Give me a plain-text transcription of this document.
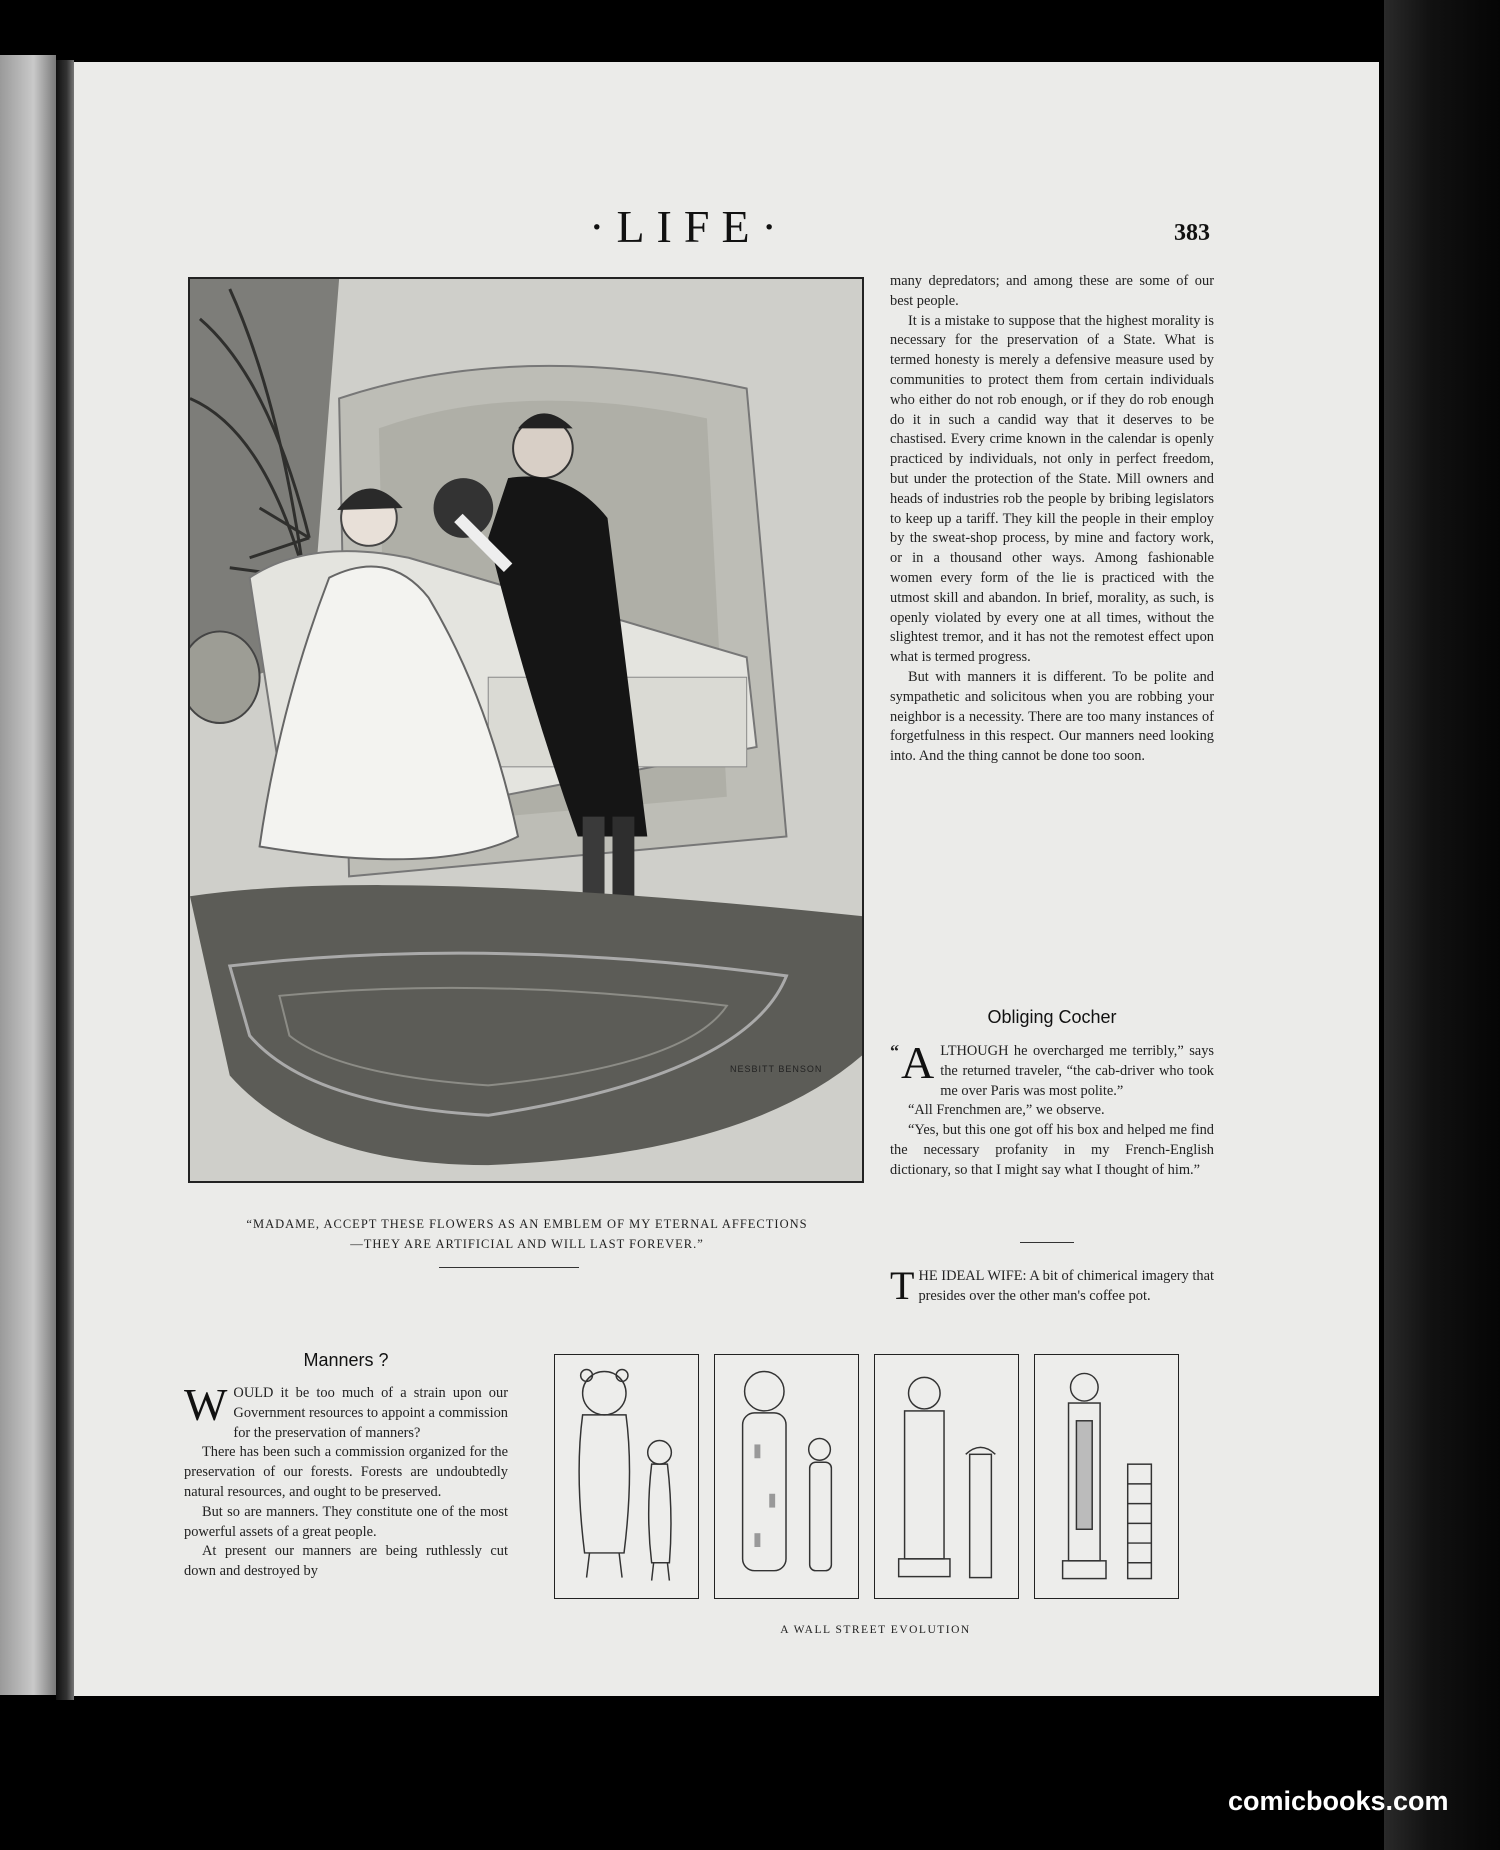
·LIFE·	383
NESBITT BENSON
“MADAME, ACCEPT THESE FLOWERS AS AN EMBLEM OF MY ETERNAL AFFECTIONS
—THEY ARE ARTIFICIAL AND WILL LAST FOREVER.”

many depredators; and among these are some of our best people.

It is a mistake to suppose that the highest morality is necessary for the preservation of a State. What is termed honesty is merely a defensive measure used by communities to protect them from certain individuals who either do not rob enough, or if they do rob enough do it in such a candid way that it deserves to be chastised. Every crime known in the calendar is openly practiced by individuals, not only in perfect freedom, but under the protection of the State. Mill owners and heads of industries rob the people by bribing legislators to keep up a tariff. They kill the people in their employ by the sweat-shop process, by mine and factory work, or in a thousand other ways. Among fashionable women every form of the lie is practiced with the utmost skill and abandon. In brief, morality, as such, is openly violated by every one at all times, without the slightest tremor, and it has not the remotest effect upon what is termed progress.

But with manners it is different. To be polite and sympathetic and solicitous when you are robbing your neighbor is a necessity. There are too many instances of forgetfulness in this respect. Our manners need looking into. And the thing cannot be done too soon.

Obliging Cocher
“ A LTHOUGH he overcharged me terribly,” says the returned traveler, “the cab-driver who took me over Paris was most polite.”

“All Frenchmen are,” we observe.

“Yes, but this one got off his box and helped me find the necessary profanity in my French-English dictionary, so that I might say what I thought of him.”

T HE IDEAL WIFE: A bit of chimerical imagery that presides over the other man's coffee pot.
Manners ?
W OULD it be too much of a strain upon our Government resources to appoint a commission for the preservation of manners?

There has been such a commission organized for the preservation of our forests. Forests are undoubtedly natural resources, and ought to be preserved.

But so are manners. They constitute one of the most powerful assets of a great people.

At present our manners are being ruthlessly cut down and destroyed by

A WALL STREET EVOLUTION
comicbooks.com
